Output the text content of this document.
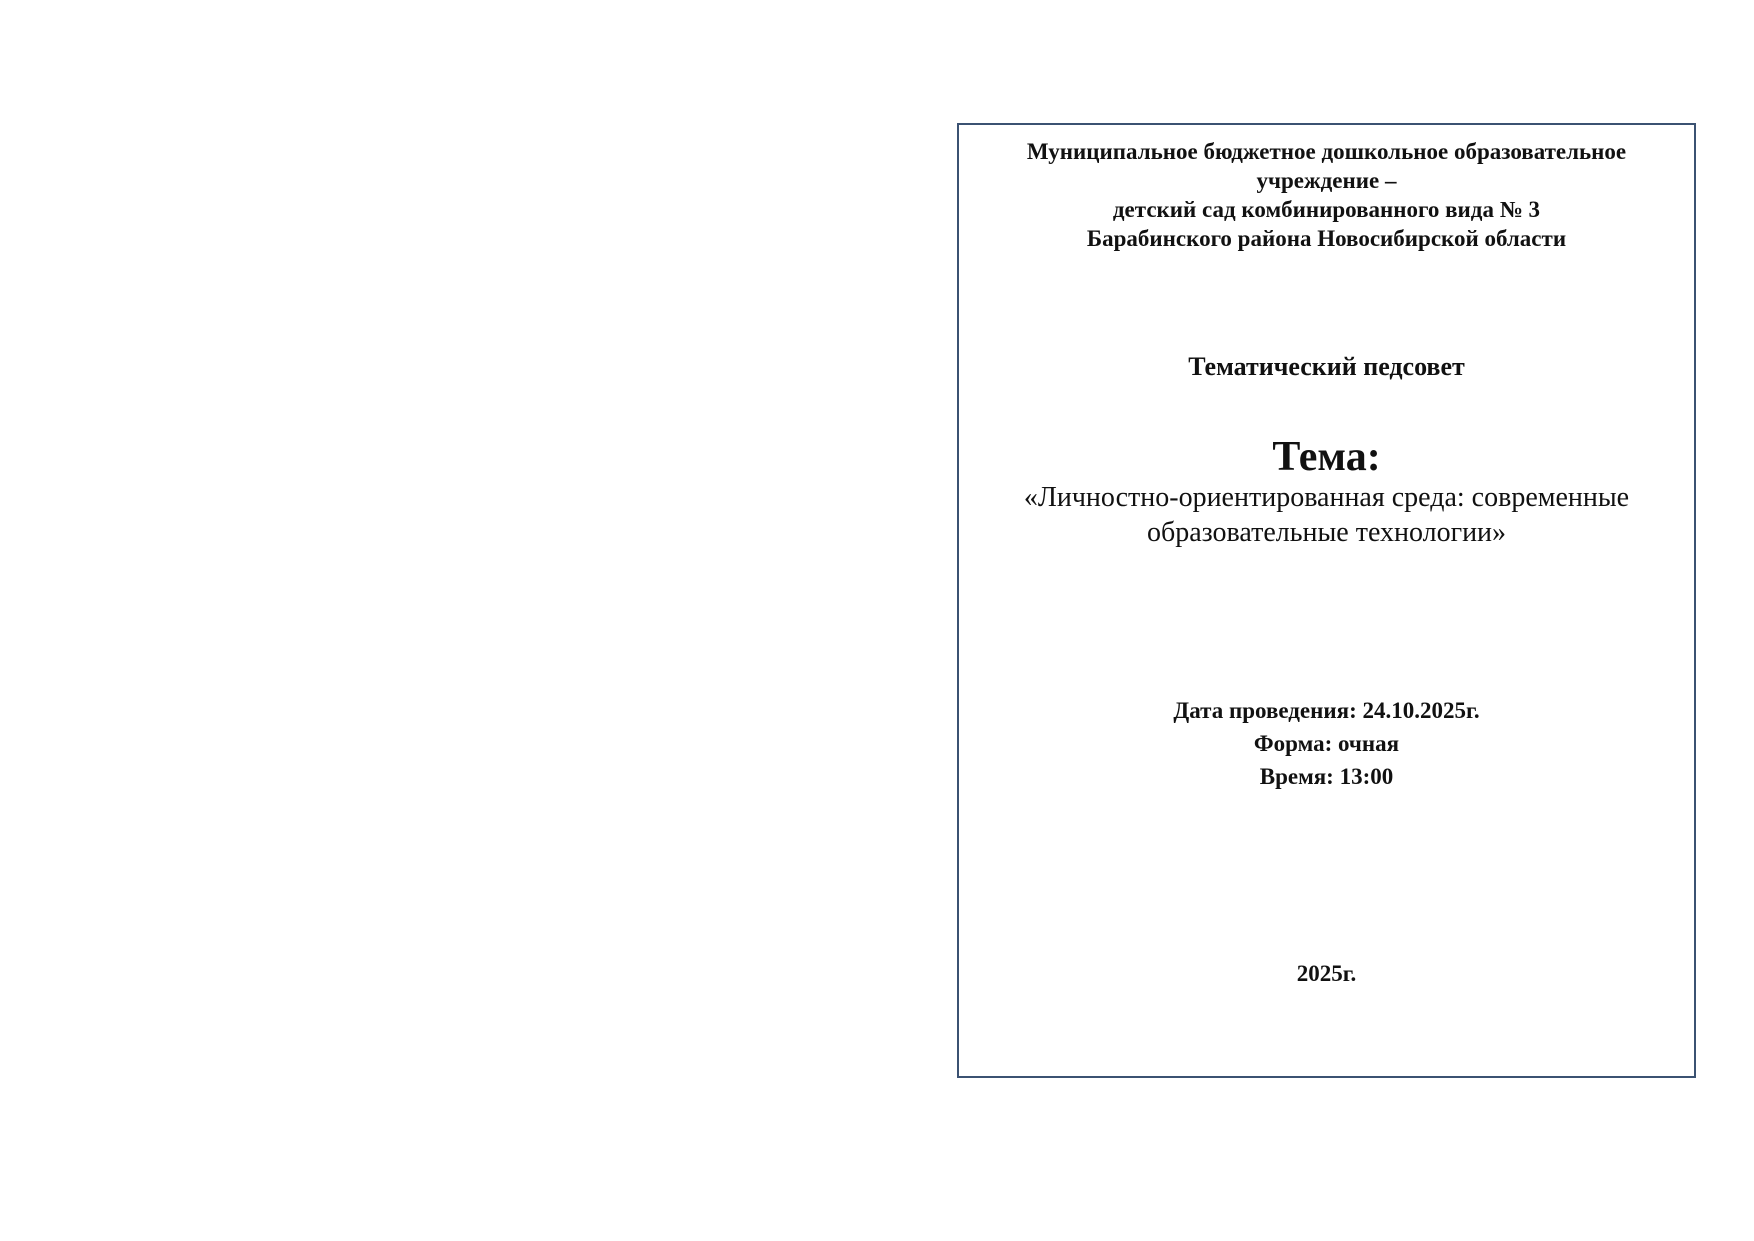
Муниципальное бюджетное дошкольное образовательное
учреждение –
детский сад комбинированного вида № 3
Барабинского района Новосибирской области
Тематический педсовет
Тема:
«Личностно-ориентированная среда: современные
образовательные технологии»
Дата проведения: 24.10.2025г.
Форма: очная
Время: 13:00
2025г.
